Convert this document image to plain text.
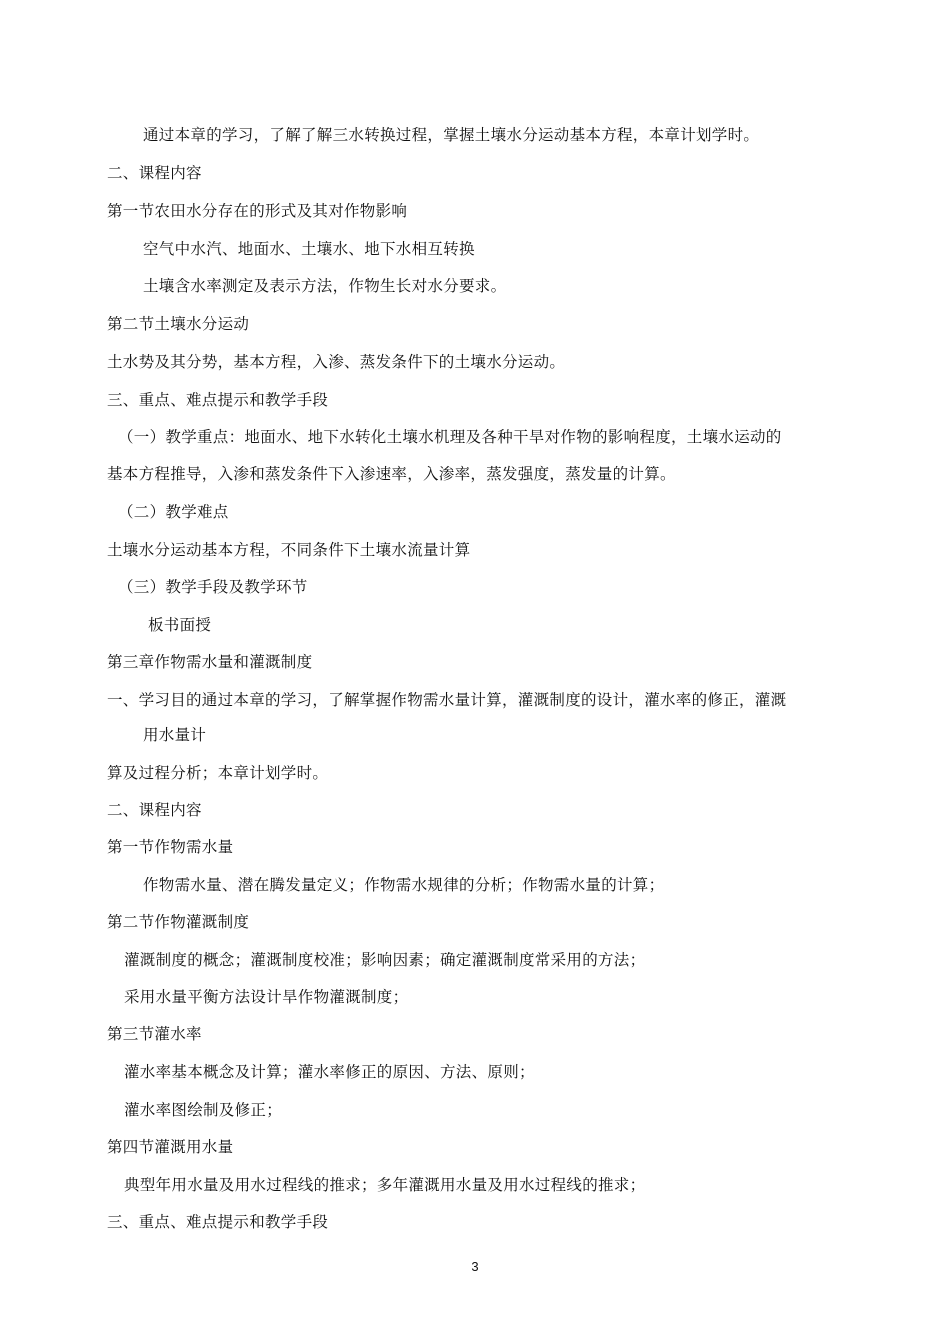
通过本章的学习，了解了解三水转换过程，掌握土壤水分运动基本方程，本章计划学时。
二、课程内容
第一节农田水分存在的形式及其对作物影响
空气中水汽、地面水、土壤水、地下水相互转换
土壤含水率测定及表示方法，作物生长对水分要求。
第二节土壤水分运动
土水势及其分势，基本方程，入渗、蒸发条件下的土壤水分运动。
三、重点、难点提示和教学手段
（一）教学重点：地面水、地下水转化土壤水机理及各种干旱对作物的影响程度，土壤水运动的
基本方程推导，入渗和蒸发条件下入渗速率，入渗率，蒸发强度，蒸发量的计算。
（二）教学难点
土壤水分运动基本方程，不同条件下土壤水流量计算
（三）教学手段及教学环节
板书面授
第三章作物需水量和灌溉制度
一、学习目的通过本章的学习，了解掌握作物需水量计算，灌溉制度的设计，灌水率的修正，灌溉
用水量计
算及过程分析；本章计划学时。
二、课程内容
第一节作物需水量
作物需水量、潜在腾发量定义；作物需水规律的分析；作物需水量的计算；
第二节作物灌溉制度
灌溉制度的概念；灌溉制度校准；影响因素；确定灌溉制度常采用的方法；
采用水量平衡方法设计旱作物灌溉制度；
第三节灌水率
灌水率基本概念及计算；灌水率修正的原因、方法、原则；
灌水率图绘制及修正；
第四节灌溉用水量
典型年用水量及用水过程线的推求；多年灌溉用水量及用水过程线的推求；
三、重点、难点提示和教学手段
3
